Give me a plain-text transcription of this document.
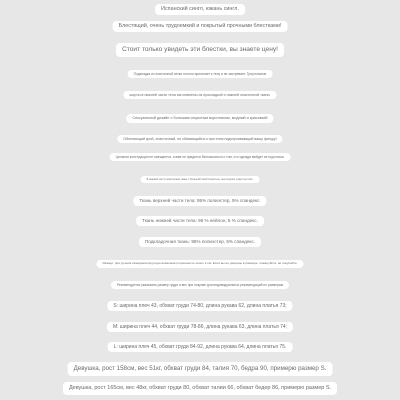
Испанский сингл, южань сингл.
Блестящий, очень трудоемкий и покрытый прочными блестками!
Стоит только увидеть эти блестки, вы знаете цену!
Подкладка из эластичной сетки плотно прилегает к телу и не застревает. Треугольные
шорты в нижней части тела изготовлены из прокладкой и нижней эластичной ткани.
Сексуальный дизайн с большим открытым воротником, модный и красивый!
Облегающий крой, эластичный, не сбиваящийся и при этом подчеркивающий вашу фигуру!
Цельная конструкция не смещается, и вам не придется беспокоиться о том, что одежда выйдет из под пояса.
В нижней части эластичная ткань с большой эластичностью, она хорошо сидит на теле.
Ткань верхней части тела: 95% полиэстер, 5% спандекс.
Ткань нижней части тела: 95 % нейлон, 5 % спандекс.
Подкладочная ткань: 95% полиэстер, 5% спандекс.
Размер: при ручном измерении вручную возможна погрешность около 2 см. Если вы не уверены в размере, пожалуйста, не покупайте.
Рекомендуется указывать размер груди и вес при покупке для индивидуальных рекомендаций по размерам
S: ширина плеч 43, обхват груди 74-80, длина рукава 62, длина платья 73;
M: ширина плеч 44, обхват груди 78-86, длина рукава 63, длина платья 74;
L: ширина плеч 45, обхват груди 84-92, длина рукава 64, длина платья 75.
Девушка, рост 158см, вес 51кг, обхват груди 84, талия 70, бедра 90, примерю размер S.
Девушка, рост 165см, вес 48кг, обхват груди 80, обхват талии 66, обхват бедер 86, примерю размер S.
